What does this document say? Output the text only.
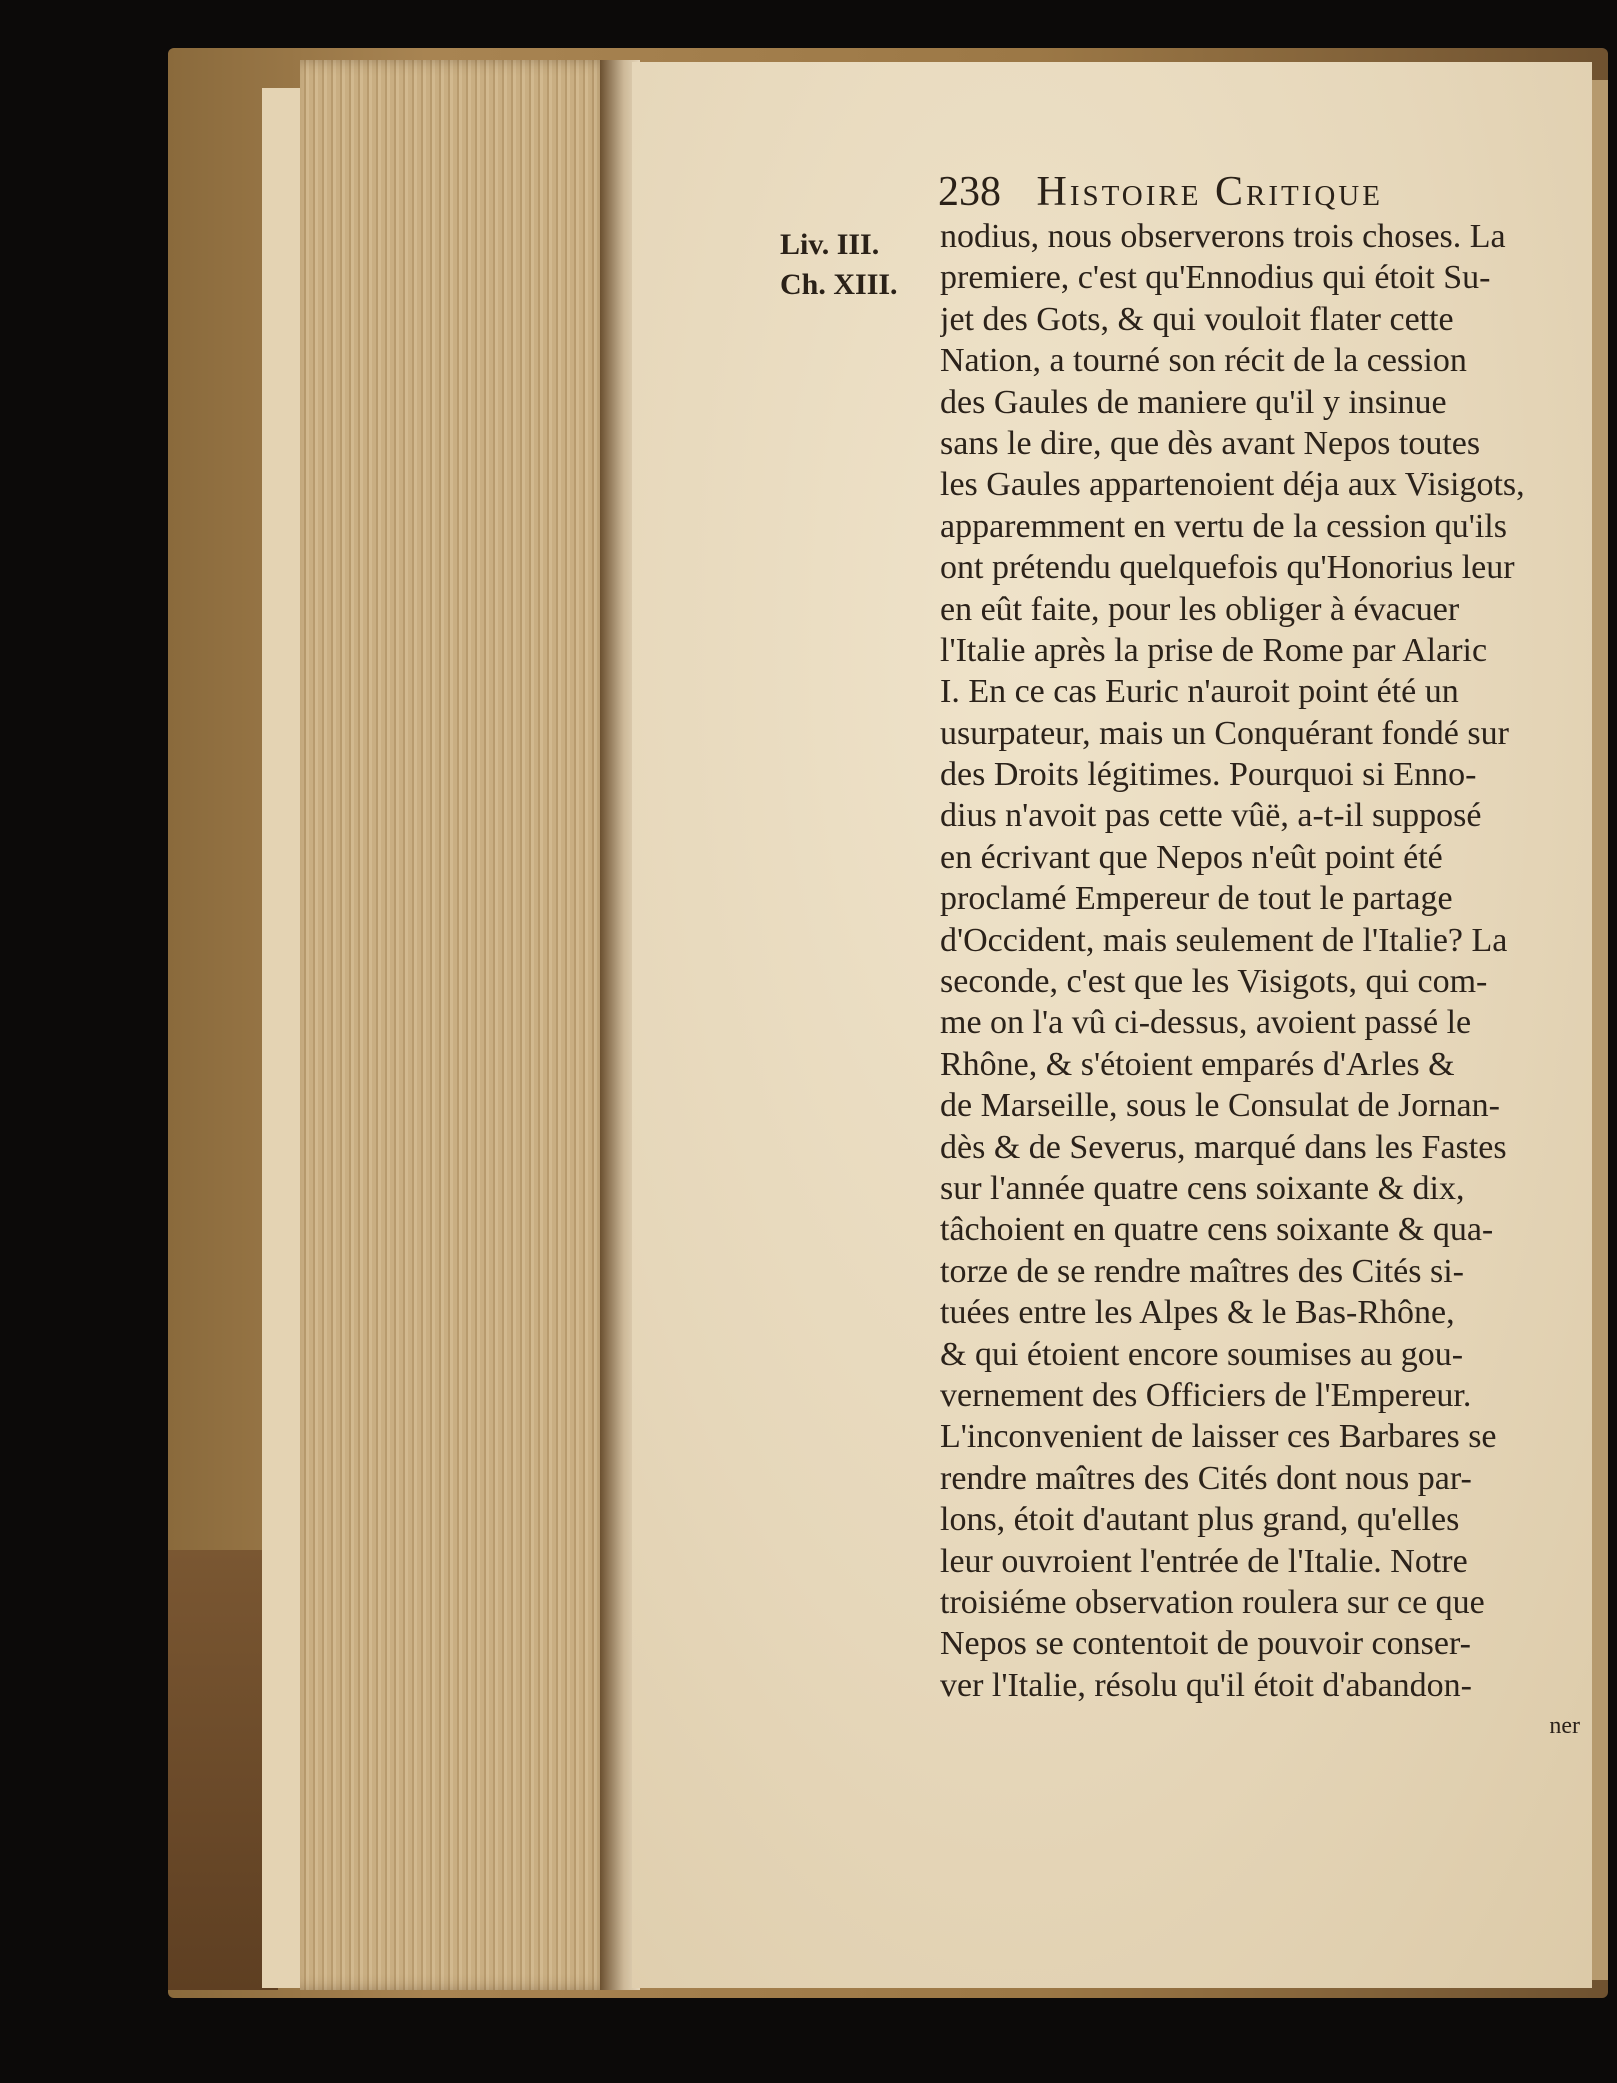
238 Histoire Critique
Liv. III.
Ch. XIII.
nodius, nous observerons trois choses. La
premiere, c'est qu'Ennodius qui étoit Su-
jet des Gots, & qui vouloit flater cette
Nation, a tourné son récit de la cession
des Gaules de maniere qu'il y insinue
sans le dire, que dès avant Nepos toutes
les Gaules appartenoient déja aux Visigots,
apparemment en vertu de la cession qu'ils
ont prétendu quelquefois qu'Honorius leur
en eût faite, pour les obliger à évacuer
l'Italie après la prise de Rome par Alaric
I. En ce cas Euric n'auroit point été un
usurpateur, mais un Conquérant fondé sur
des Droits légitimes. Pourquoi si Enno-
dius n'avoit pas cette vûë, a-t-il supposé
en écrivant que Nepos n'eût point été
proclamé Empereur de tout le partage
d'Occident, mais seulement de l'Italie? La
seconde, c'est que les Visigots, qui com-
me on l'a vû ci-dessus, avoient passé le
Rhône, & s'étoient emparés d'Arles &
de Marseille, sous le Consulat de Jornan-
dès & de Severus, marqué dans les Fastes
sur l'année quatre cens soixante & dix,
tâchoient en quatre cens soixante & qua-
torze de se rendre maîtres des Cités si-
tuées entre les Alpes & le Bas-Rhône,
& qui étoient encore soumises au gou-
vernement des Officiers de l'Empereur.
L'inconvenient de laisser ces Barbares se
rendre maîtres des Cités dont nous par-
lons, étoit d'autant plus grand, qu'elles
leur ouvroient l'entrée de l'Italie. Notre
troisiéme observation roulera sur ce que
Nepos se contentoit de pouvoir conser-
ver l'Italie, résolu qu'il étoit d'abandon-
ner
